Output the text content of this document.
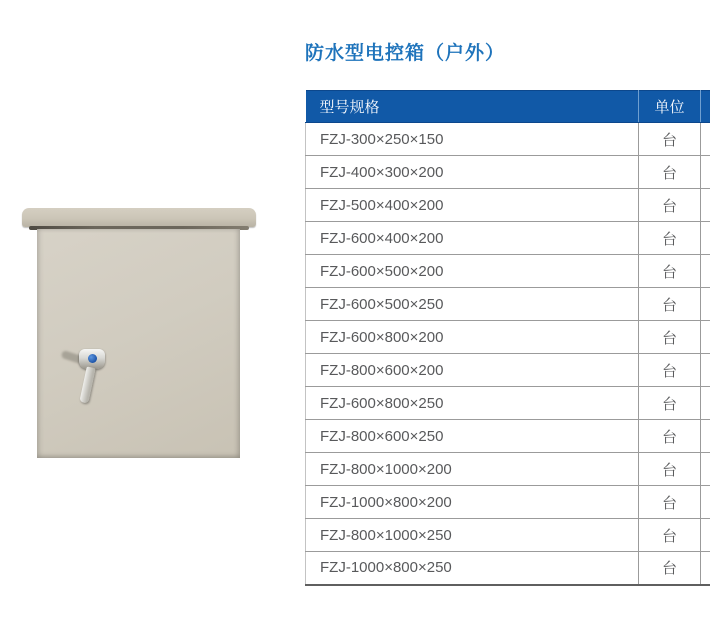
防水型电控箱（户外）
型号规格	单位	
FZJ-300×250×150	台	
FZJ-400×300×200	台	
FZJ-500×400×200	台	
FZJ-600×400×200	台	
FZJ-600×500×200	台	
FZJ-600×500×250	台	
FZJ-600×800×200	台	
FZJ-800×600×200	台	
FZJ-600×800×250	台	
FZJ-800×600×250	台	
FZJ-800×1000×200	台	
FZJ-1000×800×200	台	
FZJ-800×1000×250	台	
FZJ-1000×800×250	台	
